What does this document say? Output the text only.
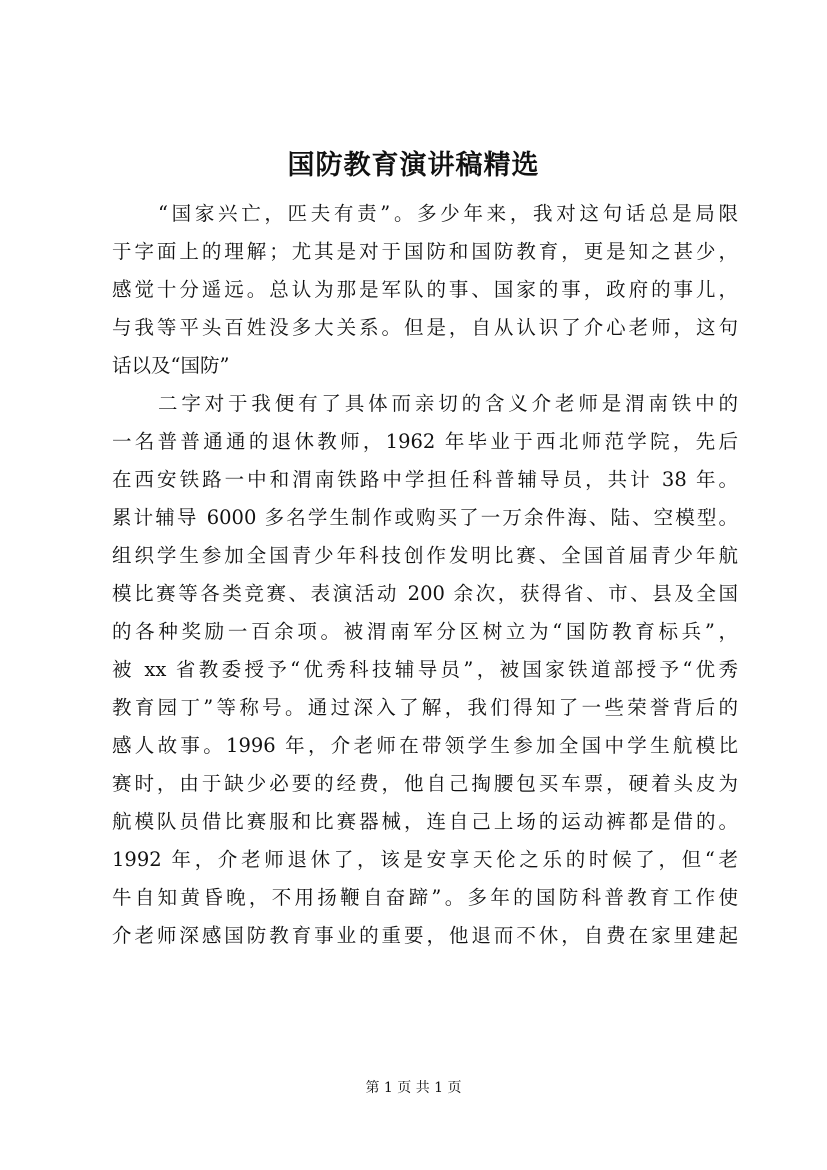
国防教育演讲稿精选
“国家兴亡，匹夫有责”。多少年来，我对这句话总是局限
于字面上的理解；尤其是对于国防和国防教育，更是知之甚少，
感觉十分遥远。总认为那是军队的事、国家的事，政府的事儿，
与我等平头百姓没多大关系。但是，自从认识了介心老师，这句
话以及“国防”
二字对于我便有了具体而亲切的含义介老师是渭南铁中的
一名普普通通的退休教师，1962 年毕业于西北师范学院，先后
在西安铁路一中和渭南铁路中学担任科普辅导员，共计 38 年。
累计辅导 6000 多名学生制作或购买了一万余件海、陆、空模型。
组织学生参加全国青少年科技创作发明比赛、全国首届青少年航
模比赛等各类竞赛、表演活动 200 余次，获得省、市、县及全国
的各种奖励一百余项。被渭南军分区树立为“国防教育标兵”，
被 xx 省教委授予“优秀科技辅导员”，被国家铁道部授予“优秀
教育园丁”等称号。通过深入了解，我们得知了一些荣誉背后的
感人故事。1996 年，介老师在带领学生参加全国中学生航模比
赛时，由于缺少必要的经费，他自己掏腰包买车票，硬着头皮为
航模队员借比赛服和比赛器械，连自己上场的运动裤都是借的。
1992 年，介老师退休了，该是安享天伦之乐的时候了，但“老
牛自知黄昏晚，不用扬鞭自奋蹄”。多年的国防科普教育工作使
介老师深感国防教育事业的重要，他退而不休，自费在家里建起
第 1 页 共 1 页
